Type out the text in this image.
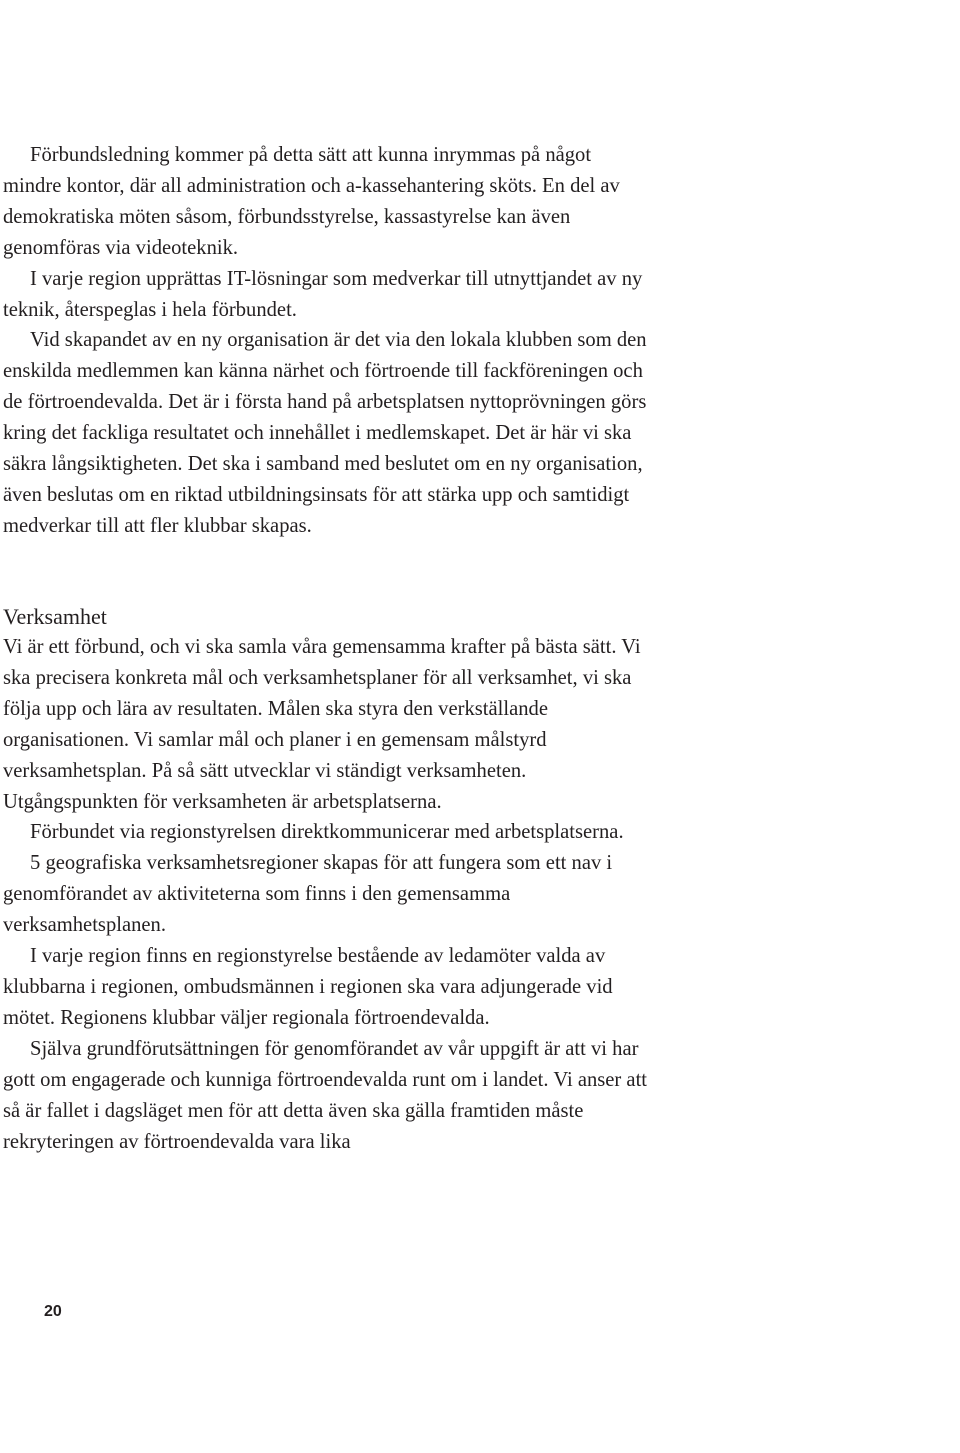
Förbundsledning kommer på detta sätt att kunna inrymmas på något mindre kontor, där all administration och a-kassehantering sköts. En del av demokratiska möten såsom, förbundsstyrelse, kassastyrelse kan även genomföras via videoteknik.

I varje region upprättas IT-lösningar som medverkar till utnyttjandet av ny teknik, återspeglas i hela förbundet.

Vid skapandet av en ny organisation är det via den lokala klubben som den enskilda medlemmen kan känna närhet och förtroende till fackföreningen och de förtroendevalda. Det är i första hand på arbetsplatsen nyttoprövningen görs kring det fackliga resultatet och innehållet i medlemskapet. Det är här vi ska säkra långsiktigheten. Det ska i samband med beslutet om en ny organisation, även beslutas om en riktad utbildningsinsats för att stärka upp och samtidigt medverkar till att fler klubbar skapas.

Verksamhet

Vi är ett förbund, och vi ska samla våra gemensamma krafter på bästa sätt. Vi ska precisera konkreta mål och verksamhetsplaner för all verksamhet, vi ska följa upp och lära av resultaten. Målen ska styra den verkställande organisationen. Vi samlar mål och planer i en gemensam målstyrd verksamhetsplan. På så sätt utvecklar vi ständigt verksamheten. Utgångspunkten för verksamheten är arbetsplatserna.

Förbundet via regionstyrelsen direktkommunicerar med arbetsplatserna.

5 geografiska verksamhetsregioner skapas för att fungera som ett nav i genomförandet av aktiviteterna som finns i den gemensamma verksamhetsplanen.

I varje region finns en regionstyrelse bestående av ledamöter valda av klubbarna i regionen, ombudsmännen i regionen ska vara adjungerade vid mötet. Regionens klubbar väljer regionala förtroendevalda.

Själva grundförutsättningen för genomförandet av vår uppgift är att vi har gott om engagerade och kunniga förtroendevalda runt om i landet. Vi anser att så är fallet i dagsläget men för att detta även ska gälla framtiden måste rekryteringen av förtroendevalda vara lika

20
